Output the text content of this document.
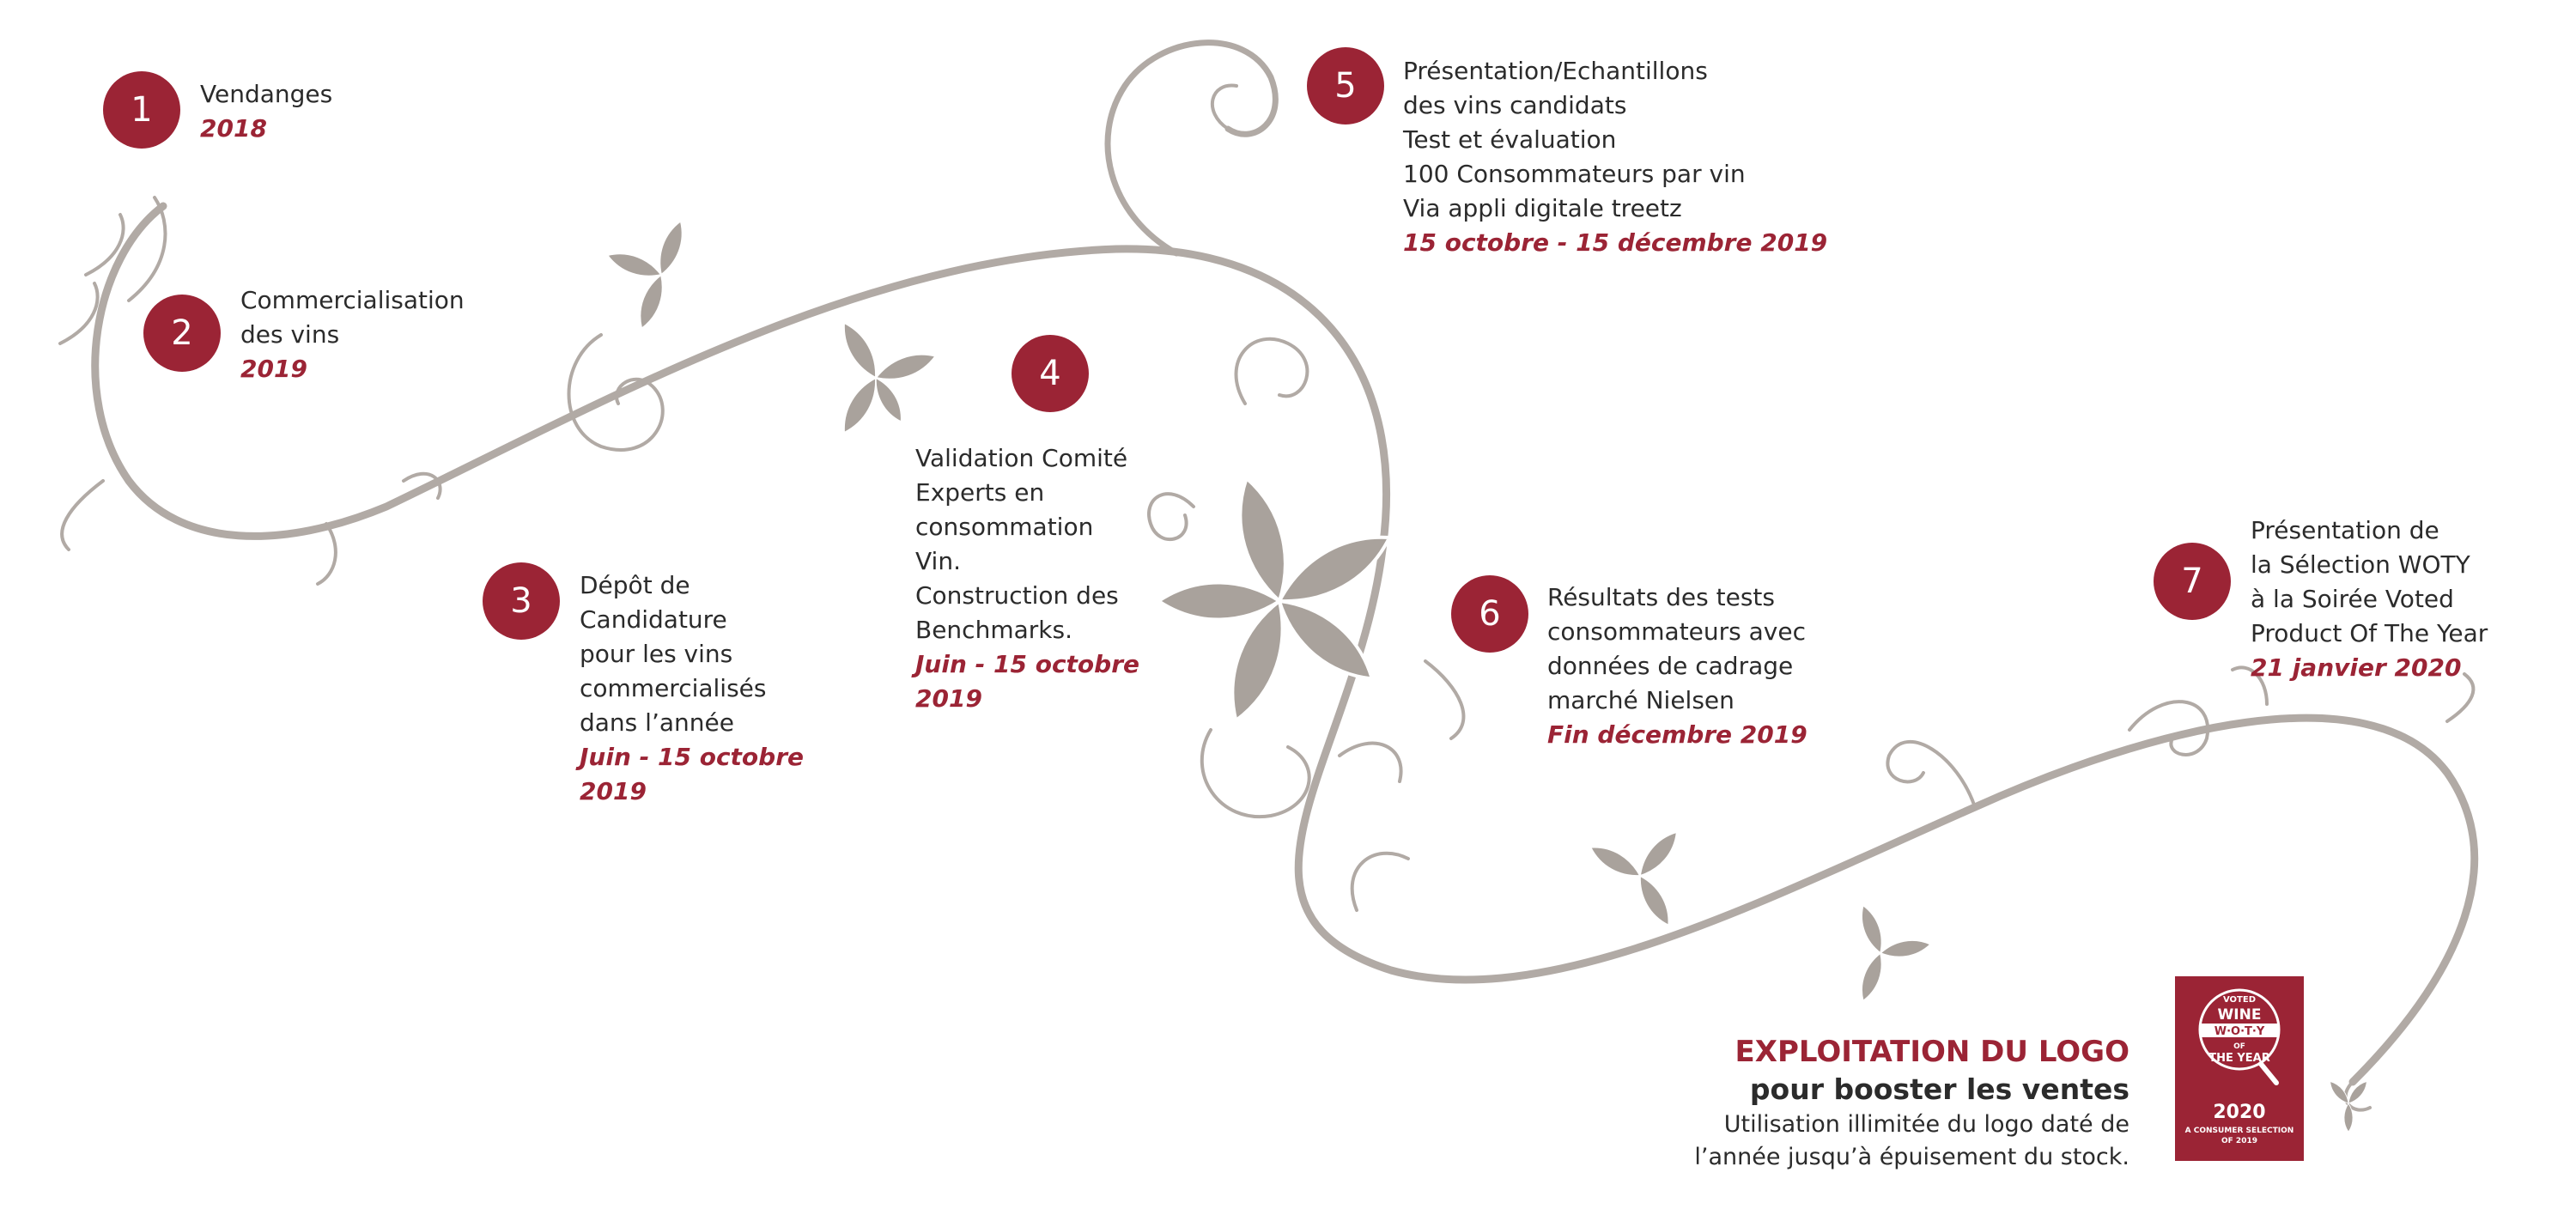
1 Vendanges
2018
2
Commercialisation
des vins
2019
3 Dépôt de
Candidature
pour les vins
commercialisés
dans l’année
Juin - 15 octobre
2019
4
Validation Comité
Experts en
consommation
Vin.
Construction des
Benchmarks.
Juin - 15 octobre
2019
5 Présentation/Echantillons
des vins candidats
Test et évaluation
100 Consommateurs par vin
Via appli digitale treetz
15 octobre - 15 décembre 2019
6 Résultats des tests
consommateurs avec
données de cadrage
marché Nielsen
Fin décembre 2019
7
Présentation de
la Sélection WOTY
à la Soirée Voted
Product Of The Year
21 janvier 2020
EXPLOITATION DU LOGO
pour booster les ventes
Utilisation illimitée du logo daté de
l’année jusqu’à épuisement du stock.
VOTED
WINE
W·O·T·Y
OF
THE YEAR
2020
A CONSUMER SELECTION
OF 2019
